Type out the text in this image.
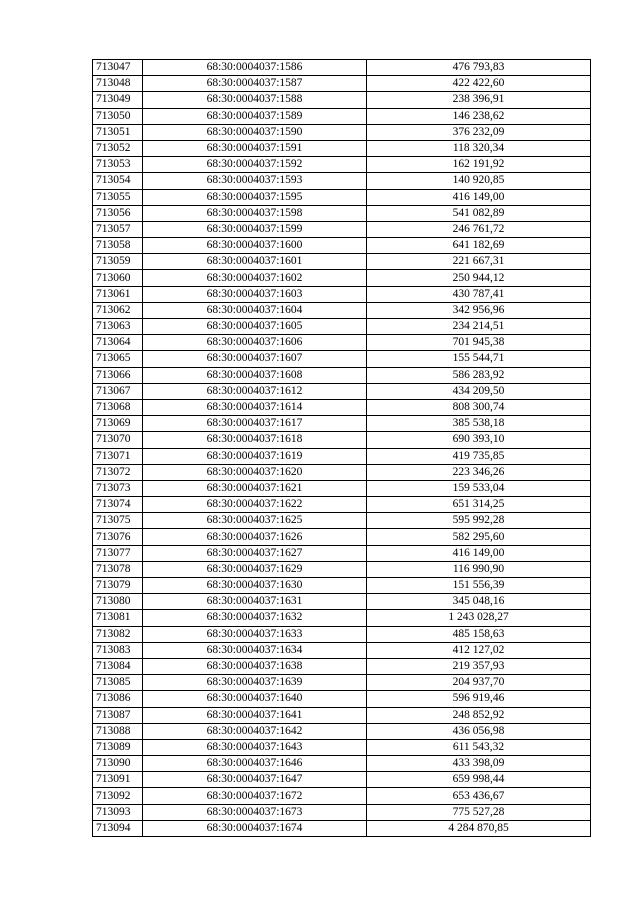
713047	68:30:0004037:1586	476 793,83
713048	68:30:0004037:1587	422 422,60
713049	68:30:0004037:1588	238 396,91
713050	68:30:0004037:1589	146 238,62
713051	68:30:0004037:1590	376 232,09
713052	68:30:0004037:1591	118 320,34
713053	68:30:0004037:1592	162 191,92
713054	68:30:0004037:1593	140 920,85
713055	68:30:0004037:1595	416 149,00
713056	68:30:0004037:1598	541 082,89
713057	68:30:0004037:1599	246 761,72
713058	68:30:0004037:1600	641 182,69
713059	68:30:0004037:1601	221 667,31
713060	68:30:0004037:1602	250 944,12
713061	68:30:0004037:1603	430 787,41
713062	68:30:0004037:1604	342 956,96
713063	68:30:0004037:1605	234 214,51
713064	68:30:0004037:1606	701 945,38
713065	68:30:0004037:1607	155 544,71
713066	68:30:0004037:1608	586 283,92
713067	68:30:0004037:1612	434 209,50
713068	68:30:0004037:1614	808 300,74
713069	68:30:0004037:1617	385 538,18
713070	68:30:0004037:1618	690 393,10
713071	68:30:0004037:1619	419 735,85
713072	68:30:0004037:1620	223 346,26
713073	68:30:0004037:1621	159 533,04
713074	68:30:0004037:1622	651 314,25
713075	68:30:0004037:1625	595 992,28
713076	68:30:0004037:1626	582 295,60
713077	68:30:0004037:1627	416 149,00
713078	68:30:0004037:1629	116 990,90
713079	68:30:0004037:1630	151 556,39
713080	68:30:0004037:1631	345 048,16
713081	68:30:0004037:1632	1 243 028,27
713082	68:30:0004037:1633	485 158,63
713083	68:30:0004037:1634	412 127,02
713084	68:30:0004037:1638	219 357,93
713085	68:30:0004037:1639	204 937,70
713086	68:30:0004037:1640	596 919,46
713087	68:30:0004037:1641	248 852,92
713088	68:30:0004037:1642	436 056,98
713089	68:30:0004037:1643	611 543,32
713090	68:30:0004037:1646	433 398,09
713091	68:30:0004037:1647	659 998,44
713092	68:30:0004037:1672	653 436,67
713093	68:30:0004037:1673	775 527,28
713094	68:30:0004037:1674	4 284 870,85
